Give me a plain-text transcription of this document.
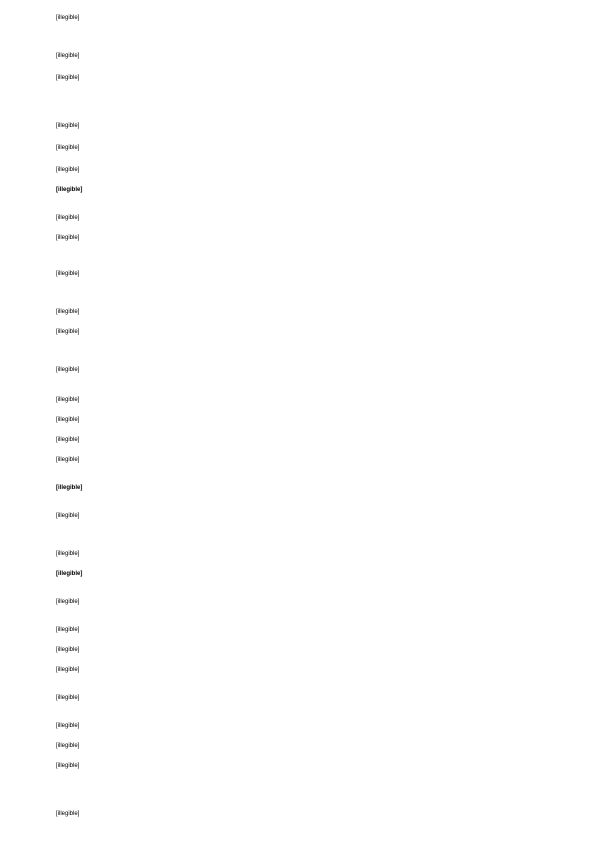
[illegible]

[illegible]

[illegible]

[illegible]

[illegible]

[illegible]

[illegible]

[illegible]

[illegible]

[illegible]

[illegible]

[illegible]

[illegible]

[illegible]

[illegible]

[illegible]

[illegible]

[illegible]

[illegible]

[illegible]

[illegible]

[illegible]

[illegible]

[illegible]

[illegible]

[illegible]

[illegible]

[illegible]

[illegible]

[illegible]
